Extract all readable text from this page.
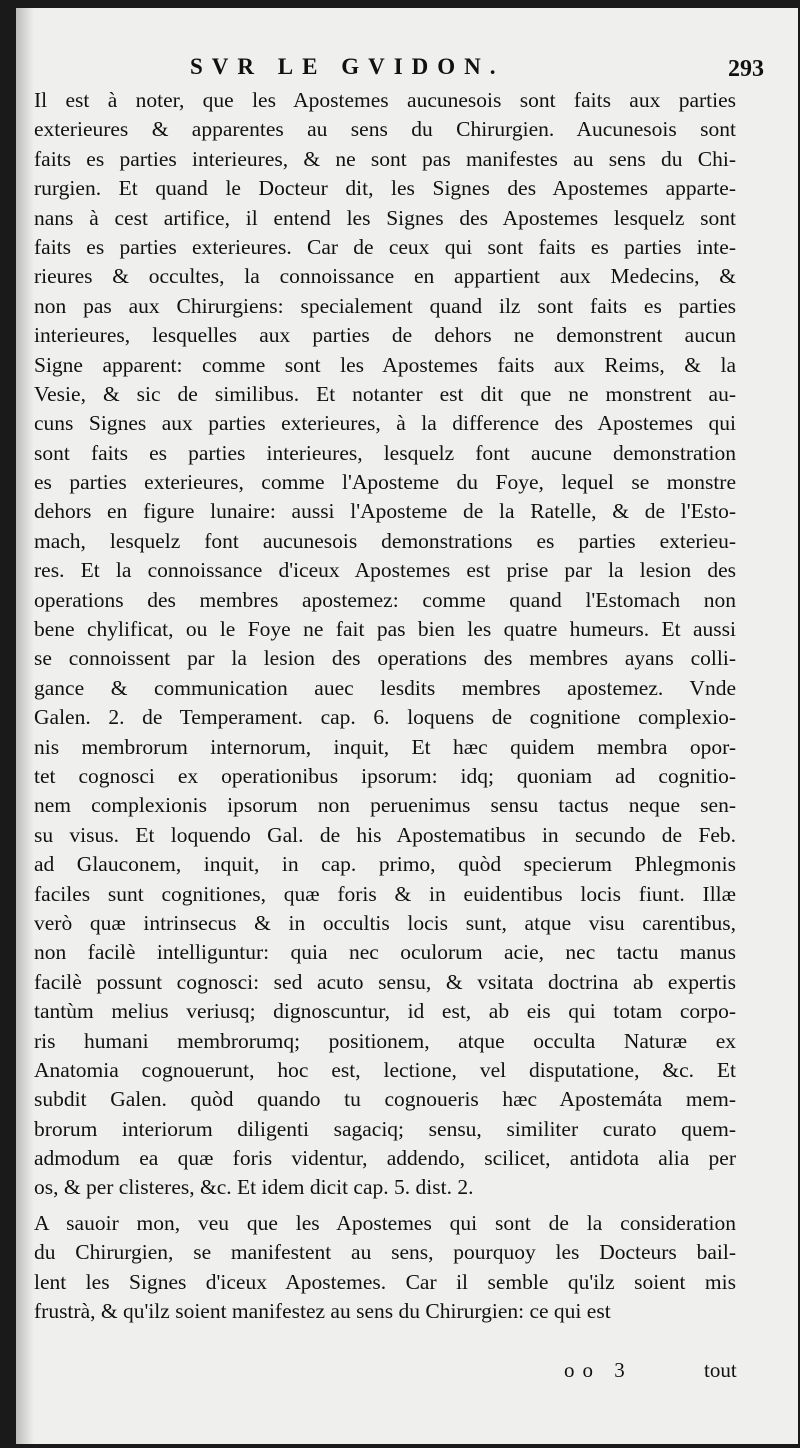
SVR LE GVIDON.	293
Il est à noter, que les Apostemes aucunesois sont faits aux parties
exterieures & apparentes au sens du Chirurgien. Aucunesois sont
faits es parties interieures, & ne sont pas manifestes au sens du Chi-
rurgien. Et quand le Docteur dit, les Signes des Apostemes apparte-
nans à cest artifice, il entend les Signes des Apostemes lesquelz sont
faits es parties exterieures. Car de ceux qui sont faits es parties inte-
rieures & occultes, la connoissance en appartient aux Medecins, &
non pas aux Chirurgiens: specialement quand ilz sont faits es parties
interieures, lesquelles aux parties de dehors ne demonstrent aucun
Signe apparent: comme sont les Apostemes faits aux Reims, & la
Vesie, & sic de similibus. Et notanter est dit que ne monstrent au-
cuns Signes aux parties exterieures, à la difference des Apostemes qui
sont faits es parties interieures, lesquelz font aucune demonstration
es parties exterieures, comme l'Aposteme du Foye, lequel se monstre
dehors en figure lunaire: aussi l'Aposteme de la Ratelle, & de l'Esto-
mach, lesquelz font aucunesois demonstrations es parties exterieu-
res. Et la connoissance d'iceux Apostemes est prise par la lesion des
operations des membres apostemez: comme quand l'Estomach non
bene chylificat, ou le Foye ne fait pas bien les quatre humeurs. Et aussi
se connoissent par la lesion des operations des membres ayans colli-
gance & communication auec lesdits membres apostemez. Vnde
Galen. 2. de Temperament. cap. 6. loquens de cognitione complexio-
nis membrorum internorum, inquit, Et hæc quidem membra opor-
tet cognosci ex operationibus ipsorum: idq; quoniam ad cognitio-
nem complexionis ipsorum non peruenimus sensu tactus neque sen-
su visus. Et loquendo Gal. de his Apostematibus in secundo de Feb.
ad Glauconem, inquit, in cap. primo, quòd specierum Phlegmonis
faciles sunt cognitiones, quæ foris & in euidentibus locis fiunt. Illæ
verò quæ intrinsecus & in occultis locis sunt, atque visu carentibus,
non facilè intelliguntur: quia nec oculorum acie, nec tactu manus
facilè possunt cognosci: sed acuto sensu, & vsitata doctrina ab expertis
tantùm melius veriusq; dignoscuntur, id est, ab eis qui totam corpo-
ris humani membrorumq; positionem, atque occulta Naturæ ex
Anatomia cognouerunt, hoc est, lectione, vel disputatione, &c. Et
subdit Galen. quòd quando tu cognoueris hæc Apostemáta mem-
brorum interiorum diligenti sagaciq; sensu, similiter curato quem-
admodum ea quæ foris videntur, addendo, scilicet, antidota alia per
os, & per clisteres, &c. Et idem dicit cap. 5. dist. 2.
A sauoir mon, veu que les Apostemes qui sont de la consideration
du Chirurgien, se manifestent au sens, pourquoy les Docteurs bail-
lent les Signes d'iceux Apostemes. Car il semble qu'ilz soient mis
frustrà, & qu'ilz soient manifestez au sens du Chirurgien: ce qui est
oo 3	tout
